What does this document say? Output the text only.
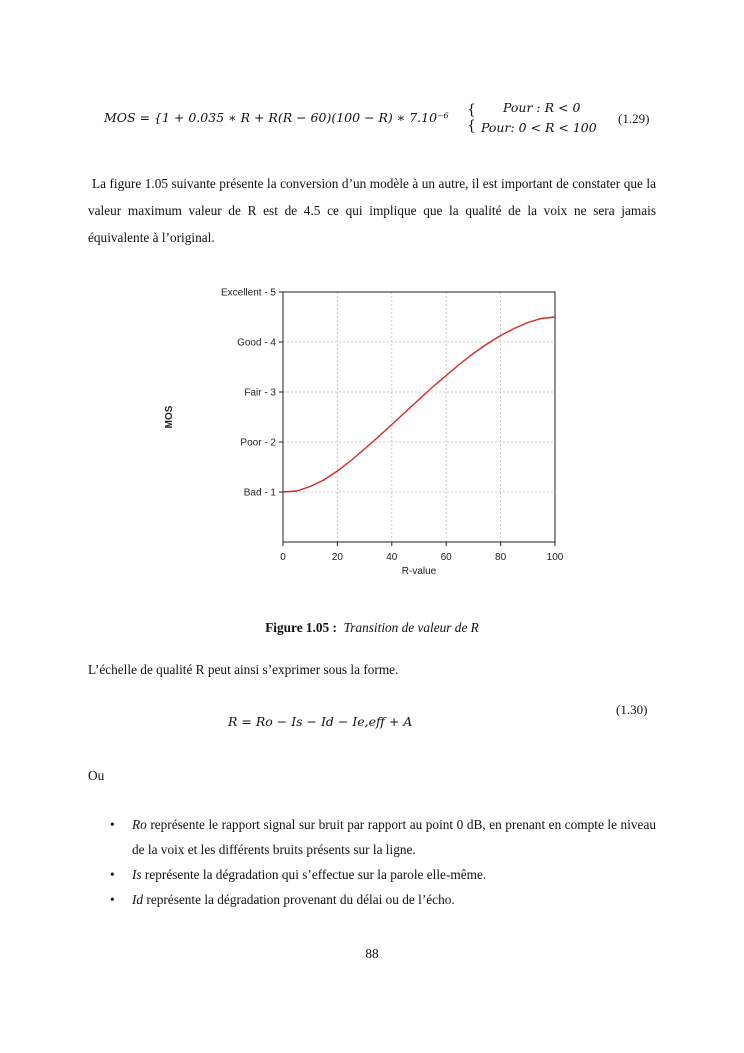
MOS = {1 + 0.035 ∗ R + R(R − 60)(100 − R) ∗ 7.10⁻⁶ {
{
Pour : R < 0
Pour: 0 < R < 100
(1.29)

La figure 1.05 suivante présente la conversion d’un modèle à un autre, il est important de constater que la valeur maximum valeur de R est de 4.5 ce qui implique que la qualité de la voix ne sera jamais équivalente à l’original.

0	20	40	60	80	100
Bad - 1
Poor - 2
Fair - 3
Good - 4
Excellent - 5
R-value
MOS
Figure 1.05 : Transition de valeur de R

L’échelle de qualité R peut ainsi s’exprimer sous la forme.

(1.30)
R = Ro − Is − Id − Ie,eff + A

Ou

• Ro représente le rapport signal sur bruit par rapport au point 0 dB, en prenant en compte le niveau de la voix et les différents bruits présents sur la ligne.
• Is représente la dégradation qui s’effectue sur la parole elle-même.
• Id représente la dégradation provenant du délai ou de l’écho.
88
